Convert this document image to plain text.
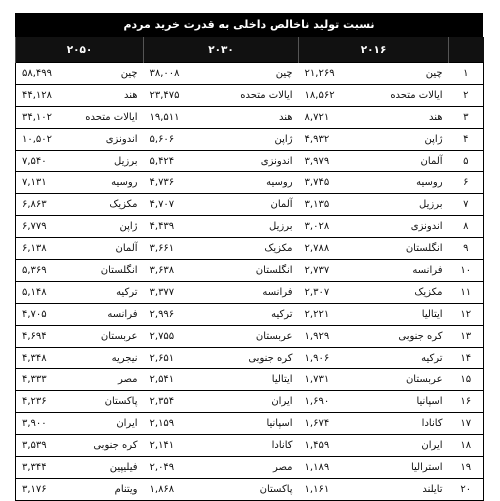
نسبت تولید ناخالص داخلی به قدرت خرید مردم
	۲۰۱۶		۲۰۳۰		۲۰۵۰	
۱	چین	۲۱,۲۶۹	چین	۳۸,۰۰۸	چین	۵۸,۴۹۹
۲	ایالات متحده	۱۸,۵۶۲	ایالات متحده	۲۳,۴۷۵	هند	۴۴,۱۲۸
۳	هند	۸,۷۲۱	هند	۱۹,۵۱۱	ایالات متحده	۳۴,۱۰۲
۴	ژاپن	۴,۹۳۲	ژاپن	۵,۶۰۶	اندونزی	۱۰,۵۰۲
۵	آلمان	۳,۹۷۹	اندونزی	۵,۴۲۴	برزیل	۷,۵۴۰
۶	روسیه	۳,۷۴۵	روسیه	۴,۷۳۶	روسیه	۷,۱۳۱
۷	برزیل	۳,۱۳۵	آلمان	۴,۷۰۷	مکزیک	۶,۸۶۳
۸	اندونزی	۳,۰۲۸	برزیل	۴,۴۳۹	ژاپن	۶,۷۷۹
۹	انگلستان	۲,۷۸۸	مکزیک	۳,۶۶۱	آلمان	۶,۱۳۸
۱۰	فرانسه	۲,۷۳۷	انگلستان	۳,۶۳۸	انگلستان	۵,۳۶۹
۱۱	مکزیک	۲,۳۰۷	فرانسه	۳,۳۷۷	ترکیه	۵,۱۴۸
۱۲	ایتالیا	۲,۲۲۱	ترکیه	۲,۹۹۶	فرانسه	۴,۷۰۵
۱۳	کره جنوبی	۱,۹۲۹	عربستان	۲,۷۵۵	عربستان	۴,۶۹۴
۱۴	ترکیه	۱,۹۰۶	کره جنوبی	۲,۶۵۱	نیجریه	۴,۳۴۸
۱۵	عربستان	۱,۷۳۱	ایتالیا	۲,۵۴۱	مصر	۴,۳۳۳
۱۶	اسپانیا	۱,۶۹۰	ایران	۲,۳۵۴	پاکستان	۴,۲۳۶
۱۷	کانادا	۱,۶۷۴	اسپانیا	۲,۱۵۹	ایران	۳,۹۰۰
۱۸	ایران	۱,۴۵۹	کانادا	۲,۱۴۱	کره جنوبی	۳,۵۳۹
۱۹	استرالیا	۱,۱۸۹	مصر	۲,۰۴۹	فیلیپین	۳,۳۴۴
۲۰	تایلند	۱,۱۶۱	پاکستان	۱,۸۶۸	ویتنام	۳,۱۷۶
